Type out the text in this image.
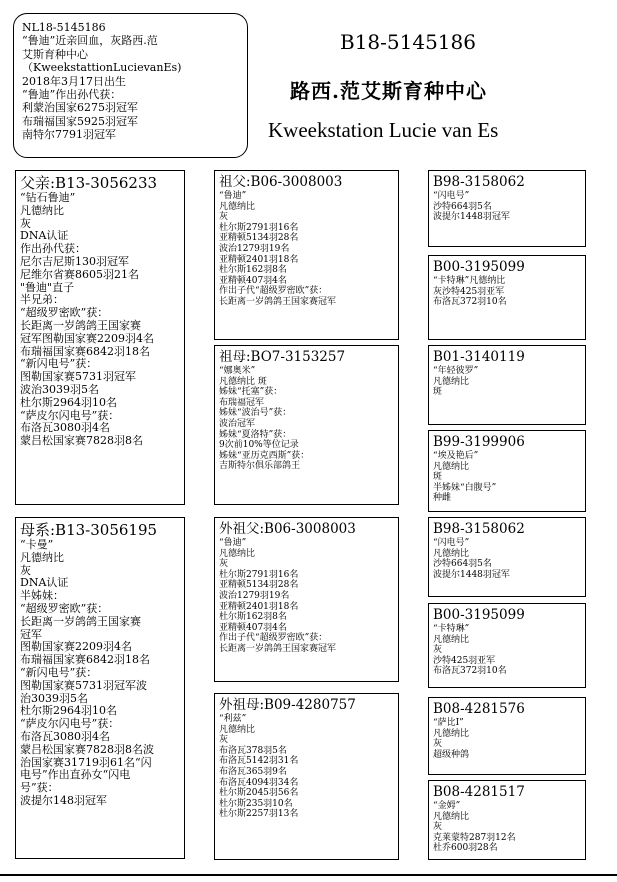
NL18-5145186
“鲁迪”近亲回血，灰路西.范
艾斯育种中心
（KweekstattionLucievanEs)
2018年3月17日出生
“鲁迪”作出孙代获：
利蒙治国家6275羽冠军
布瑞福国家5925羽冠军
南特尔7791羽冠军
B18-5145186
路西.范艾斯育种中心
Kweekstation Lucie van Es
父亲:B13-3056233
“钻石鲁迪”
凡德纳比
灰
DNA认证
作出孙代获：
尼尔吉尼斯130羽冠军
尼维尔省赛8605羽21名
"鲁迪"直子
半兄弟：
“超级罗密欧”获：
长距离一岁鸽鸽王国家赛
冠军图勒国家赛2209羽4名
布瑞福国家赛6842羽18名
“新闪电号”获：
图勒国家赛5731羽冠军
波治3039羽5名
杜尔斯2964羽10名
“萨皮尔闪电号”获：
布洛瓦3080羽4名
蒙吕松国家赛7828羽8名
母系:B13-3056195
“卡曼”
凡德纳比
灰
DNA认证
半姊妹：
“超级罗密欧”获：
长距离一岁鸽鸽王国家赛
冠军
图勒国家赛2209羽4名
布瑞福国家赛6842羽18名
“新闪电号”获：
图勒国家赛5731羽冠军波
治3039羽5名
杜尔斯2964羽10名
“萨皮尔闪电号”获：
布洛瓦3080羽4名
蒙吕松国家赛7828羽8名波
治国家赛31719羽61名“闪
电号”作出直孙女“闪电
号”获：
波提尔148羽冠军
祖父:B06-3008003
“鲁迪”
凡德纳比
灰
杜尔斯2791羽16名
亚精顿5134羽28名
波治1279羽19名
亚精顿2401羽18名
杜尔斯162羽8名
亚精顿407羽4名
作出子代“超级罗密欧”获：
长距离一岁鸽鸽王国家赛冠军
祖母:BO7-3153257
“娜奥米”
凡德纳比 斑
姊妹“托塞”获：
布瑞福冠军
姊妹“波治号”获：
波治冠军
姊妹“夏洛特”获：
9次前10%等位记录
姊妹“亚历克西斯”获：
吉斯特尔俱乐部鸽王
外祖父:B06-3008003
“鲁迪”
凡德纳比
灰
杜尔斯2791羽16名
亚精顿5134羽28名
波治1279羽19名
亚精顿2401羽18名
杜尔斯162羽8名
亚精顿407羽4名
作出子代“超级罗密欧”获：
长距离一岁鸽鸽王国家赛冠军
外祖母:B09-4280757
“利兹”
凡德纳比
灰
布洛瓦378羽5名
布洛瓦5142羽31名
布洛瓦365羽9名
布洛瓦4094羽34名
杜尔斯2045羽56名
杜尔斯235羽10名
杜尔斯2257羽13名
B98-3158062
“闪电号”
沙特664羽5名
波提尔1448羽冠军
B00-3195099
“卡特琳”凡德纳比
灰沙特425羽亚军
布洛瓦372羽10名
B01-3140119
“年轻彼罗”
凡德纳比
斑
B99-3199906
“埃及艳后”
凡德纳比
斑
半姊妹“白腹号”
种雌
B98-3158062
“闪电号”
凡德纳比
沙特664羽5名
波提尔1448羽冠军
B00-3195099
“卡特琳”
凡德纳比
灰
沙特425羽亚军
布洛瓦372羽10名
B08-4281576
“萨比I”
凡德纳比
灰
超级种鸽
B08-4281517
“金姆”
凡德纳比
灰
克莱蒙特287羽12名
杜乔600羽28名
